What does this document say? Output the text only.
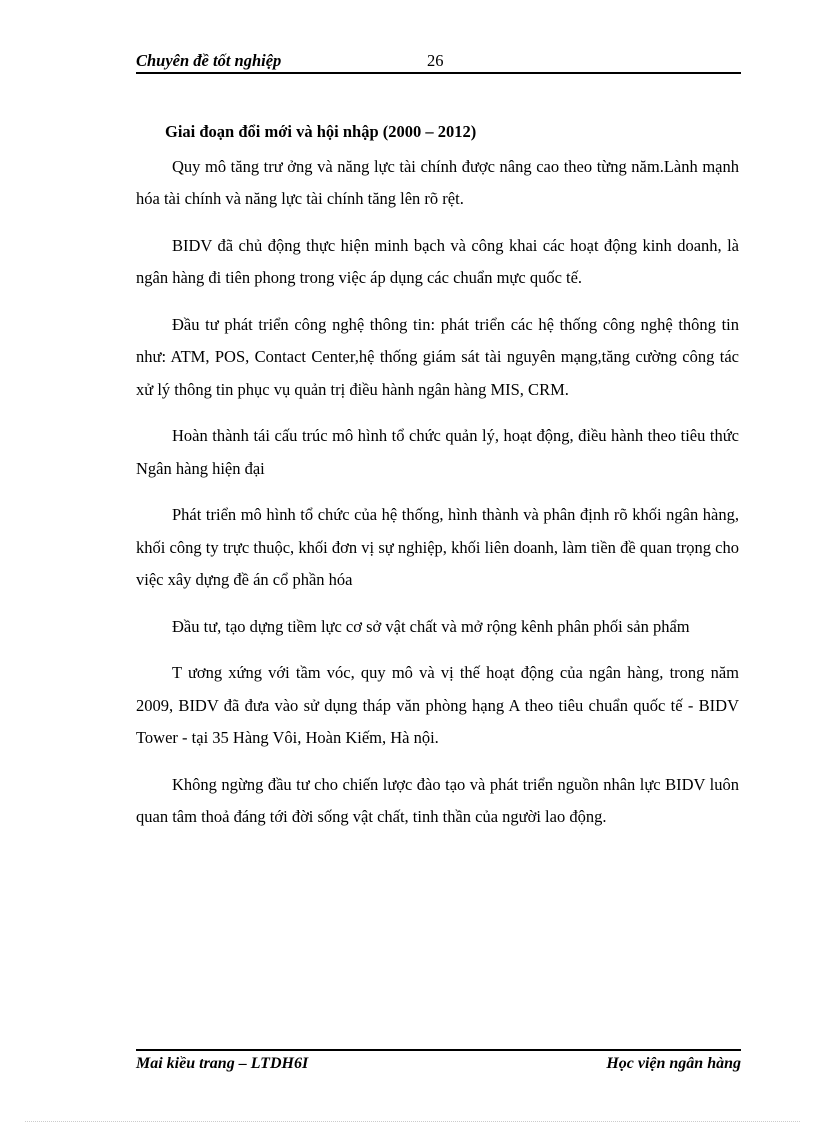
Chuyên đề tốt nghiệp	26

Giai đoạn đổi mới và hội nhập (2000 – 2012)

Quy mô tăng trư ởng và năng lực tài chính được nâng cao theo từng năm.Lành mạnh hóa tài chính và năng lực tài chính tăng lên rõ rệt.

BIDV đã chủ động thực hiện minh bạch và công khai các hoạt động kinh doanh, là ngân hàng đi tiên phong trong việc áp dụng các chuẩn mực quốc tế.

Đầu tư phát triển công nghệ thông tin: phát triển các hệ thống công nghệ thông tin như: ATM, POS, Contact Center,hệ thống giám sát tài nguyên mạng,tăng cường công tác xử lý thông tin phục vụ quản trị điều hành ngân hàng MIS, CRM.

Hoàn thành tái cấu trúc mô hình tổ chức quản lý, hoạt động, điều hành theo tiêu thức Ngân hàng hiện đại

Phát triển mô hình tổ chức của hệ thống, hình thành và phân định rõ khối ngân hàng, khối công ty trực thuộc, khối đơn vị sự nghiệp, khối liên doanh, làm tiền đề quan trọng cho việc xây dựng đề án cổ phần hóa

Đầu tư, tạo dựng tiềm lực cơ sở vật chất và mở rộng kênh phân phối sản phẩm

T ương xứng với tầm vóc, quy mô và vị thế hoạt động của ngân hàng, trong năm 2009, BIDV đã đưa vào sử dụng tháp văn phòng hạng A theo tiêu chuẩn quốc tế - BIDV Tower - tại 35 Hàng Vôi, Hoàn Kiếm, Hà nội.

Không ngừng đầu tư cho chiến lược đào tạo và phát triển nguồn nhân lực BIDV luôn quan tâm thoả đáng tới đời sống vật chất, tinh thần của người lao động.

Mai kiều trang – LTDH6I	Học viện ngân hàng
